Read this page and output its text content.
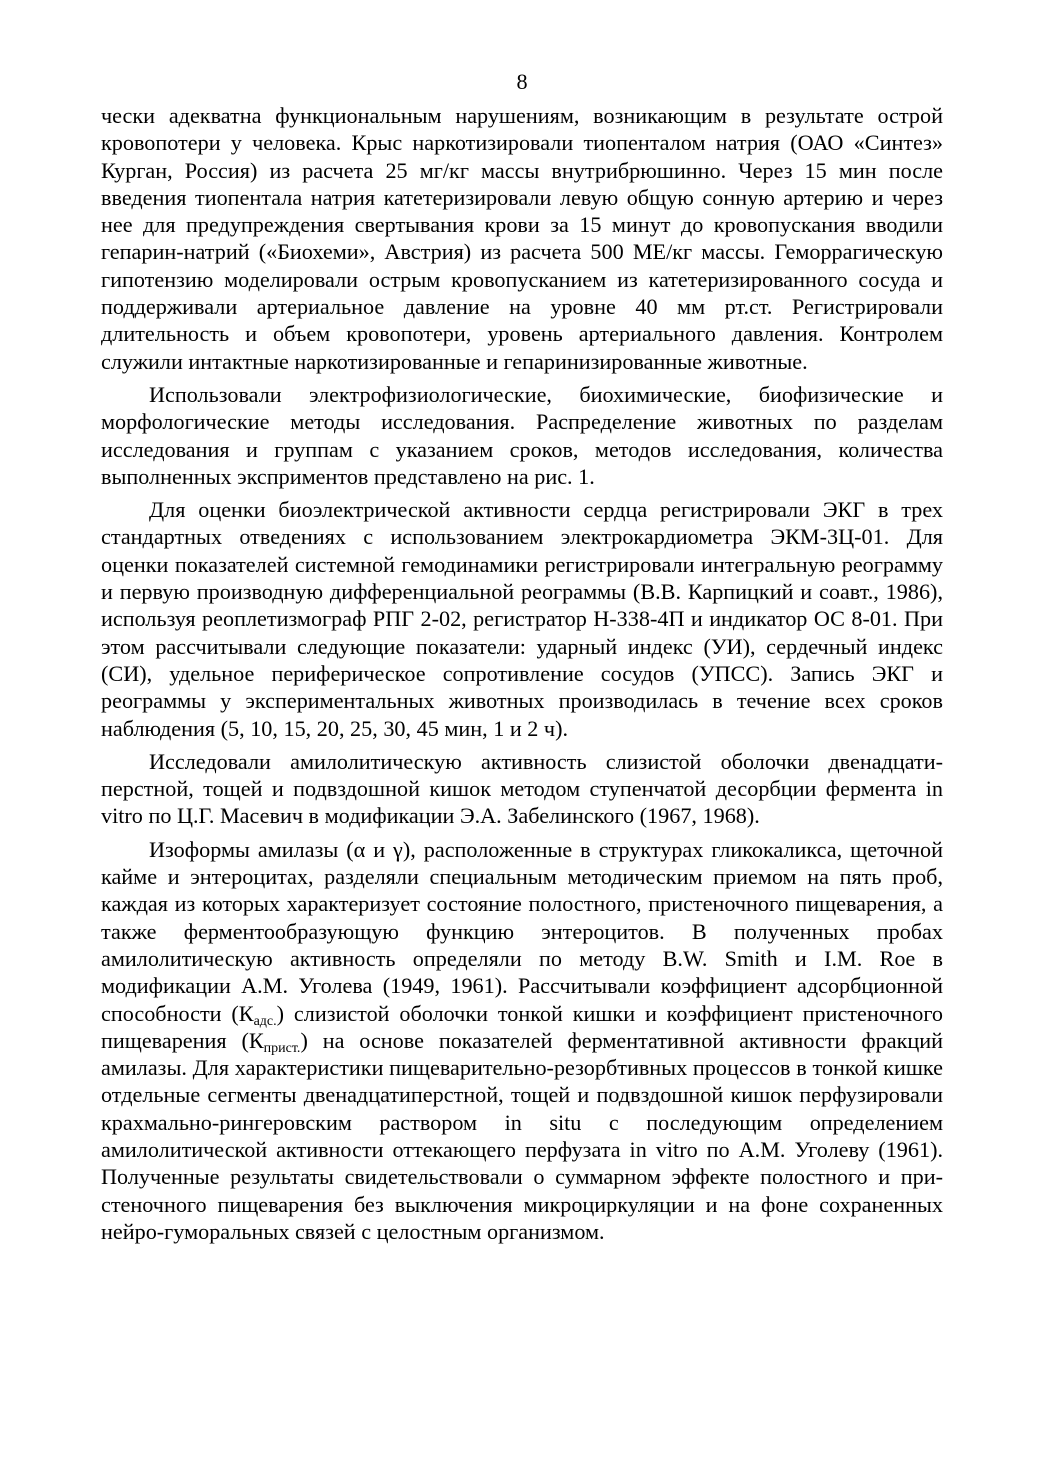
8

чески адекватна функциональным нарушениям, возникающим в результате острой кровопотери у человека. Крыс наркотизировали тиопенталом натрия (ОАО «Синтез» Курган, Россия) из расчета 25 мг/кг массы внутрибрюшинно. Через 15 мин после введения тиопентала натрия катетеризировали левую общую сонную артерию и через нее для предупреждения свертывания крови за 15 минут до кровопускания вводили гепарин-натрий («Биохеми», Австрия) из расчета 500 МЕ/кг массы. Геморрагическую гипотензию моделировали острым кровопусканием из катетеризированного сосуда и поддерживали артериальное давление на уровне 40 мм рт.ст. Регистрировали длительность и объем кровопотери, уровень артериального давления. Контролем служили интактные наркотизированные и гепаринизированные животные.

Использовали электрофизиологические, биохимические, биофизические и морфологические методы исследования. Распределение животных по разделам исследования и группам с указанием сроков, методов исследования, количества выполненных эксприментов представлено на рис. 1.

Для оценки биоэлектрической активности сердца регистрировали ЭКГ в трех стандартных отведениях с использованием электрокардиометра ЭКМ-3Ц-01. Для оценки показателей системной гемодинамики регистрировали интегральную реограмму и первую производную дифференциальной реограммы (В.В. Карпицкий и соавт., 1986), используя реоплетизмограф РПГ 2-02, регистратор Н-338-4П и индикатор ОС 8-01. При этом рассчитывали следующие показатели: ударный индекс (УИ), сердечный индекс (СИ), удельное периферическое сопротивление сосудов (УПСС). Запись ЭКГ и реограммы у экспериментальных животных производилась в течение всех сроков наблюдения (5, 10, 15, 20, 25, 30, 45 мин, 1 и 2 ч).

Исследовали амилолитическую активность слизистой оболочки двенадцатиперстной, тощей и подвздошной кишок методом ступенчатой десорбции фермента in vitro по Ц.Г. Масевич в модификации Э.А. Забелинского (1967, 1968).

Изоформы амилазы (α и γ), расположенные в структурах гликокаликса, щеточной кайме и энтероцитах, разделяли специальным методическим приемом на пять проб, каждая из которых характеризует состояние полостного, пристеночного пищеварения, а также ферментообразующую функцию энтероцитов. В полученных пробах амилолитическую активность определяли по методу B.W. Smith и I.M. Roe в модификации А.М. Уголева (1949, 1961). Рассчитывали коэффициент адсорбционной способности $(К_{адс.})$ слизистой оболочки тонкой кишки и коэффициент пристеночного пищеварения $(К_{прист.})$ на основе показателей ферментативной активности фракций амилазы. Для характеристики пищеварительно-резорбтивных процессов в тонкой кишке отдельные сегменты двенадцатиперстной, тощей и подвздошной кишок перфузировали крахмально-рингеровским раствором in situ с последующим определением амилолитической активности оттекающего перфузата in vitro по А.М. Уголеву (1961). Полученные результаты свидетельствовали о суммарном эффекте полостного и пристеночного пищеварения без выключения микроциркуляции и на фоне сохраненных нейро-гуморальных связей с целостным организмом.
